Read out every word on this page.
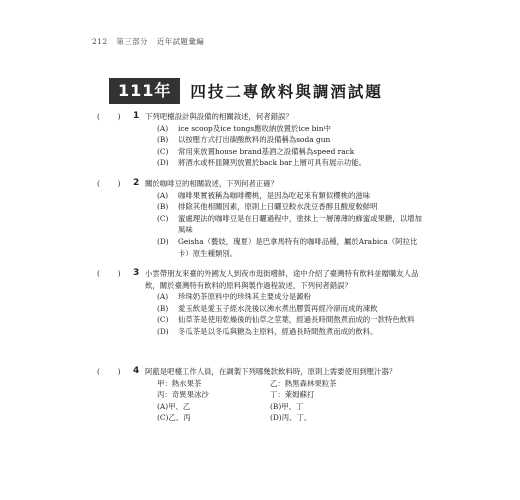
212 第三部分 近年試題彙編
111年	四技二專飲料與調酒試題
(　　)	1 下列吧檯設計與設備的相關敘述，何者錯誤？
(A) ice scoop及ice tongs應收納放置於ice bin中
(B) 以按壓方式打出碳酸飲料的設備稱為soda gun
(C) 常用來放置house brand基酒之設備稱為speed rack
(D) 將酒水或杯皿陳列放置於back bar上層可具有展示功能。
(　　)	2 關於咖啡豆的相關敘述，下列何者正確？
(A) 咖啡果實被稱為咖啡櫻桃，是因為吃起來有類似櫻桃的滋味
(B) 排除其他相關因素，原則上日曬豆較水洗豆香醇且酸度較鮮明
(C) 蜜處理法的咖啡豆是在日曬過程中，塗抹上一層薄薄的蜂蜜或果糖，以增加風味
(D) Geisha（藝妓，瑰夏）是巴拿馬特有的咖啡品種，屬於Arabica（阿拉比卡）原生種類別。
(　　)	3 小雲帶朋友來臺的外國友人到夜市逛街嚐鮮，途中介紹了臺灣特有飲料並贈購友人品飲，關於臺灣特有飲料的原料與製作過程敘述，下列何者錯誤？
(A) 珍珠奶茶原料中的珍珠其主要成分是澱粉
(B) 愛玉飲是愛玉子經水洗後以沸水煮出膠質再經冷卻而成的凍飲
(C) 仙草茶是使用乾燥後的仙草之莖葉，經過長時間熬煮而成的一款特色飲料
(D) 冬瓜茶是以冬瓜與糖為主原料，經過長時間熬煮而成的飲料。
(　　)	4 阿藍是吧檯工作人員，在調製下列哪幾款飲料時，原則上需要使用到壓汁器？
甲：熱水果茶	乙：熱黑森林果粒茶
丙：奇異果冰沙	丁：萊姆蘇打
(A)甲、乙	(B)甲、丁
(C)乙、丙	(D)丙、丁。
